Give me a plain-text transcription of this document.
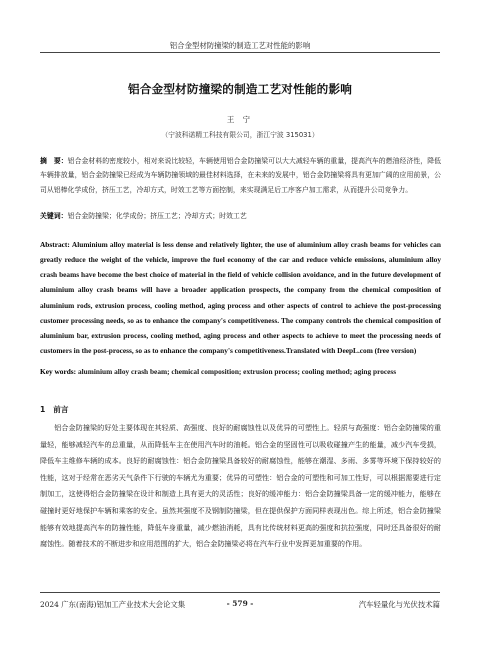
铝合金型材防撞梁的制造工艺对性能的影响
铝合金型材防撞梁的制造工艺对性能的影响
王 宁
（宁波科诺精工科技有限公司，浙江宁波 315031）
摘　要：铝合金材料的密度较小，相对来说比较轻，车辆使用铝合金防撞梁可以大大减轻车辆的重量，提高汽车的燃油经济性，降低车辆排放量，铝合金防撞梁已经成为车辆防撞领域的最佳材料选择，在未来的发展中，铝合金防撞梁将具有更加广阔的应用前景，公司从铝棒化学成份，挤压工艺，冷却方式，时效工艺等方面控制，来实现满足后工序客户加工需求，从而提升公司竞争力。
关键词：铝合金防撞梁；化学成份；挤压工艺；冷却方式；时效工艺
Abstract: Aluminium alloy material is less dense and relatively lighter, the use of aluminium alloy crash beams for vehicles can greatly reduce the weight of the vehicle, improve the fuel economy of the car and reduce vehicle emissions, aluminium alloy crash beams have become the best choice of material in the field of vehicle collision avoidance, and in the future development of aluminium alloy crash beams will have a broader application prospects, the company from the chemical composition of aluminium rods, extrusion process, cooling method, aging process and other aspects of control to achieve the post-processing customer processing needs, so as to enhance the company's competitiveness. The company controls the chemical composition of aluminium bar, extrusion process, cooling method, aging process and other aspects to achieve to meet the processing needs of customers in the post-process, so as to enhance the company's competitiveness.Translated with DeepL.com (free version)
Key words: aluminium alloy crash beam; chemical composition; extrusion process; cooling method; aging process
1 前言
铝合金防撞梁的好处主要体现在其轻质、高强度、良好的耐腐蚀性以及优异的可塑性上。轻质与高强度：铝合金防撞梁的重量轻，能够减轻汽车的总重量，从而降低车主在使用汽车时的油耗。铝合金的坚固性可以吸收碰撞产生的能量，减少汽车受损，降低车主维修车辆的成本。良好的耐腐蚀性：铝合金防撞梁具备较好的耐腐蚀性，能够在潮湿、多雨、多雾等环境下保持较好的性能，这对于经常在恶劣天气条件下行驶的车辆尤为重要；优异的可塑性：铝合金的可塑性和可加工性好，可以根据需要进行定制加工，这使得铝合金防撞梁在设计和制造上具有更大的灵活性；良好的缓冲能力：铝合金防撞梁具备一定的缓冲能力，能够在碰撞时更好地保护车辆和乘客的安全。虽然其强度不及钢制防撞梁，但在提供保护方面同样表现出色。综上所述，铝合金防撞梁能够有效地提高汽车的防撞性能，降低车身重量，减少燃油消耗，具有比传统材料更高的强度和抗拉强度，同时还具备很好的耐腐蚀性。随着技术的不断进步和应用范围的扩大，铝合金防撞梁必将在汽车行业中发挥更加重要的作用。
2024 广东(南海)铝加工产业技术大会论文集	- 579 -	汽车轻量化与光伏技术篇
